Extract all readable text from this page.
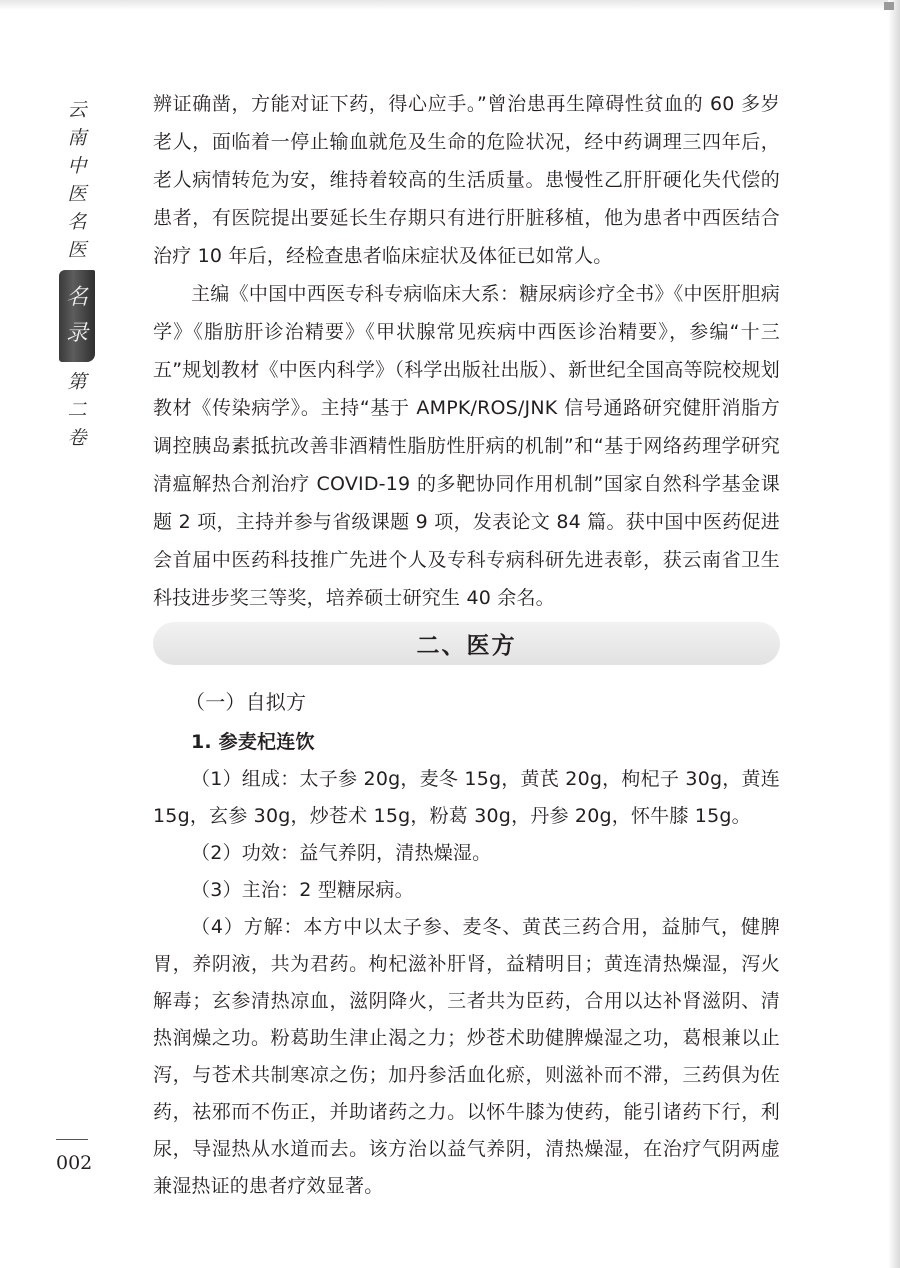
云南中医名医
名录
第二卷

辨证确凿，方能对证下药，得心应手。”曾治患再生障碍性贫血的 60 多岁老人，面临着一停止输血就危及生命的危险状况，经中药调理三四年后，老人病情转危为安，维持着较高的生活质量。患慢性乙肝肝硬化失代偿的患者，有医院提出要延长生存期只有进行肝脏移植，他为患者中西医结合治疗 10 年后，经检查患者临床症状及体征已如常人。

主编《中国中西医专科专病临床大系：糖尿病诊疗全书》《中医肝胆病学》《脂肪肝诊治精要》《甲状腺常见疾病中西医诊治精要》，参编“十三五”规划教材《中医内科学》（科学出版社出版）、新世纪全国高等院校规划教材《传染病学》。主持“基于 AMPK/ROS/JNK 信号通路研究健肝消脂方调控胰岛素抵抗改善非酒精性脂肪性肝病的机制”和“基于网络药理学研究清瘟解热合剂治疗 COVID-19 的多靶协同作用机制”国家自然科学基金课题 2 项，主持并参与省级课题 9 项，发表论文 84 篇。获中国中医药促进会首届中医药科技推广先进个人及专科专病科研先进表彰，获云南省卫生科技进步奖三等奖，培养硕士研究生 40 余名。

二、医方

（一）自拟方

1. 参麦杞连饮

（1）组成：太子参 20g，麦冬 15g，黄芪 20g，枸杞子 30g，黄连 15g，玄参 30g，炒苍术 15g，粉葛 30g，丹参 20g，怀牛膝 15g。

（2）功效：益气养阴，清热燥湿。

（3）主治：2 型糖尿病。

（4）方解：本方中以太子参、麦冬、黄芪三药合用，益肺气，健脾胃，养阴液，共为君药。枸杞滋补肝肾，益精明目；黄连清热燥湿，泻火解毒；玄参清热凉血，滋阴降火，三者共为臣药，合用以达补肾滋阴、清热润燥之功。粉葛助生津止渴之力；炒苍术助健脾燥湿之功，葛根兼以止泻，与苍术共制寒凉之伤；加丹参活血化瘀，则滋补而不滞，三药俱为佐药，祛邪而不伤正，并助诸药之力。以怀牛膝为使药，能引诸药下行，利尿，导湿热从水道而去。该方治以益气养阴，清热燥湿，在治疗气阴两虚兼湿热证的患者疗效显著。

002
